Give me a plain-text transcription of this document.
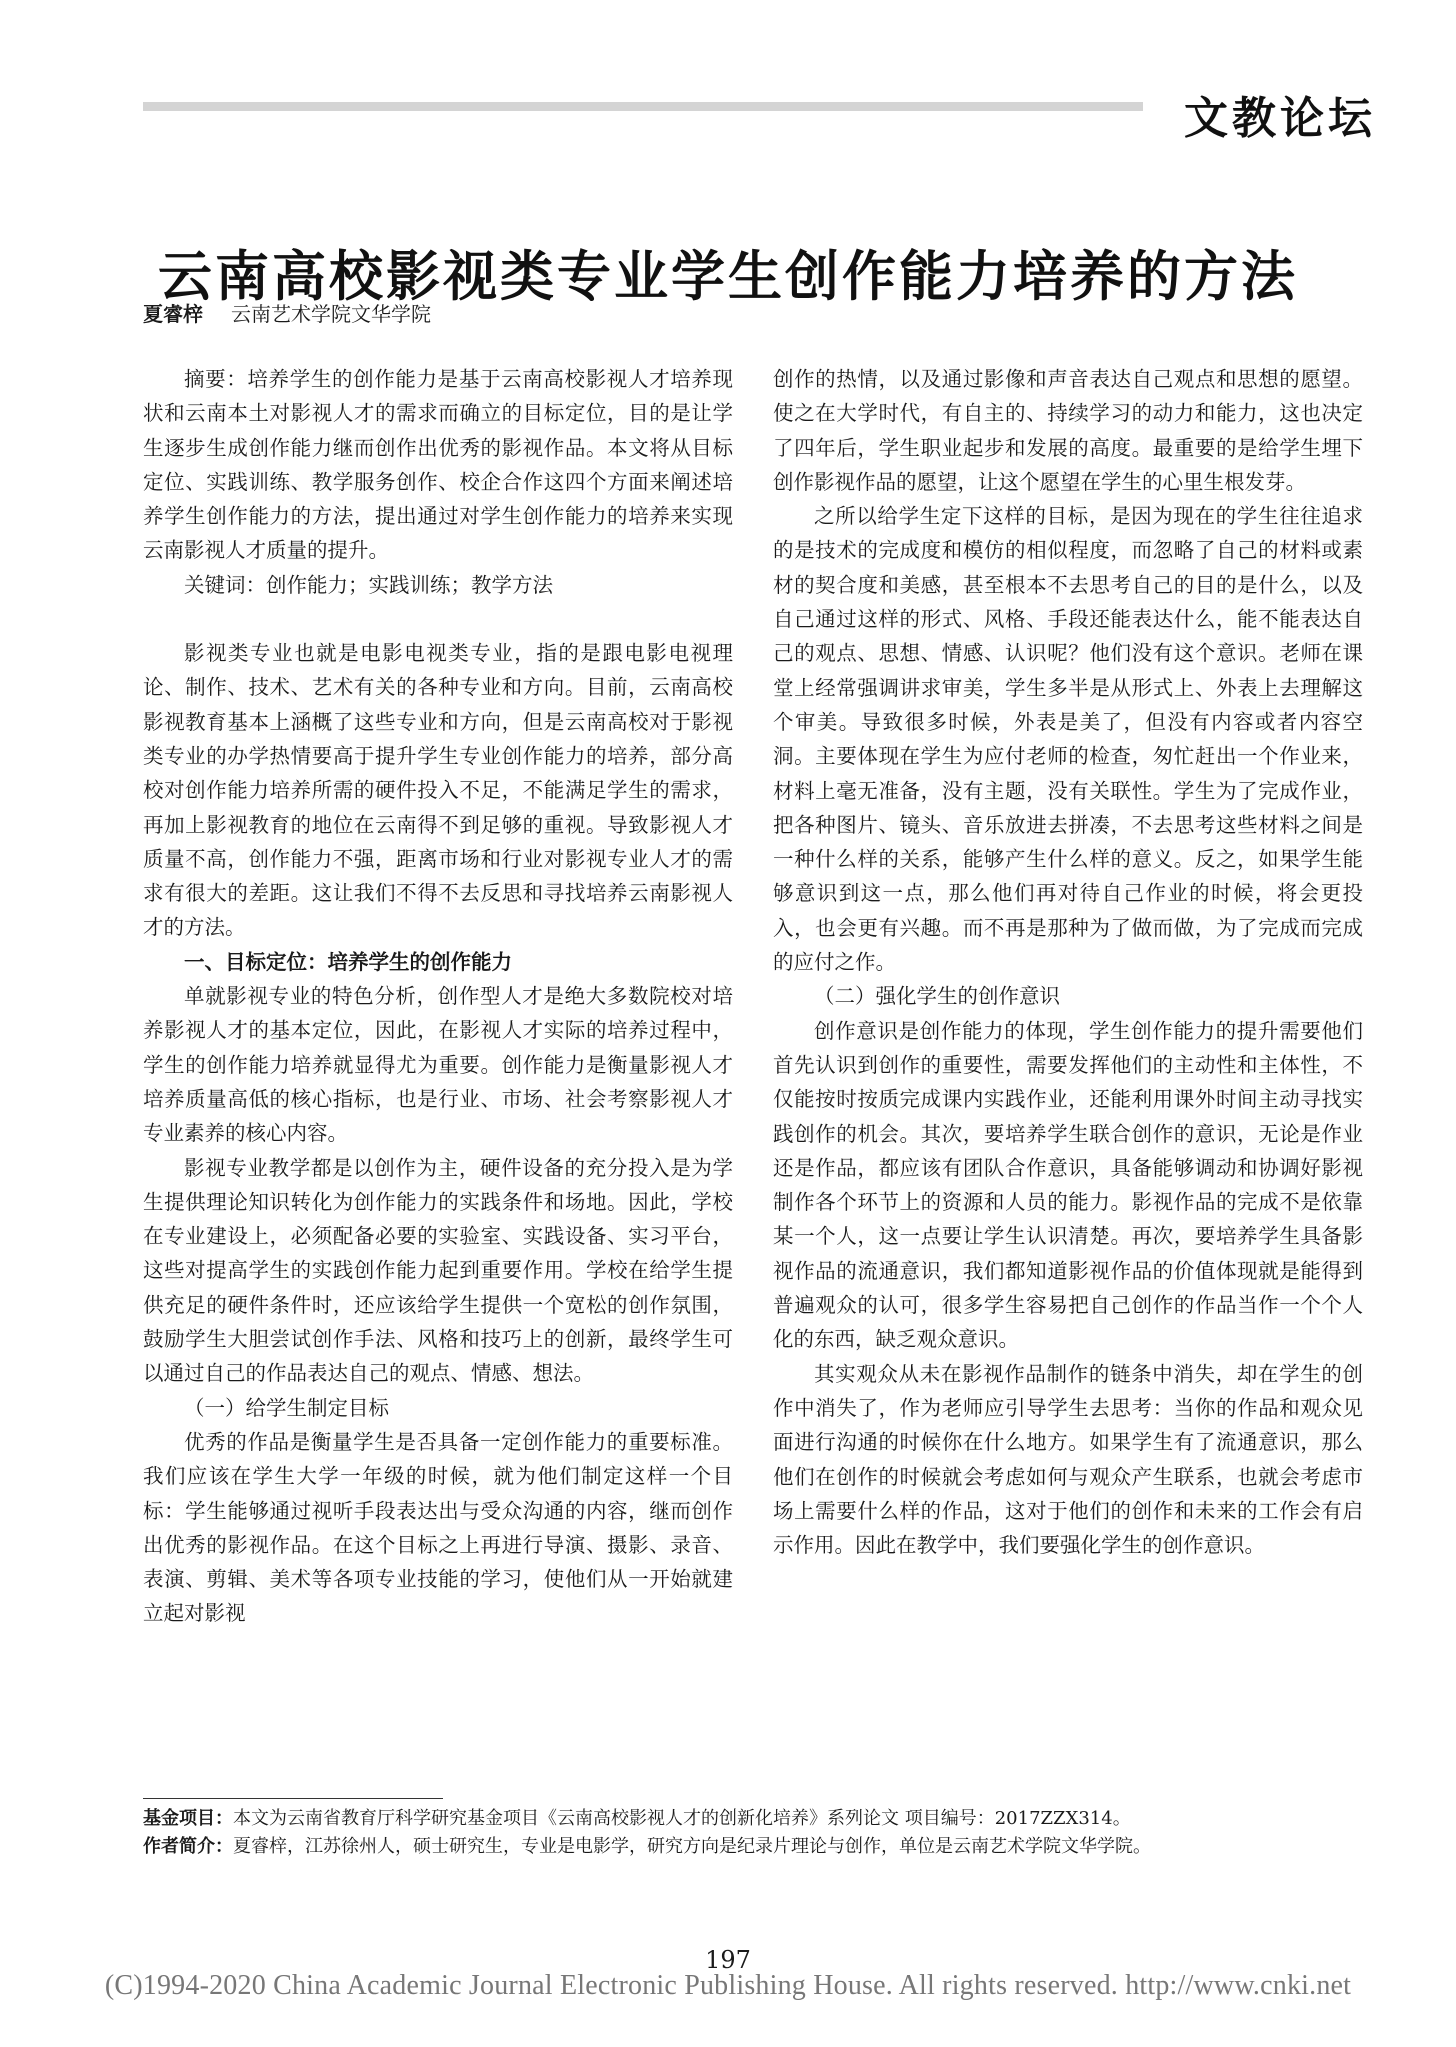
文教论坛
云南高校影视类专业学生创作能力培养的方法
夏睿梓 云南艺术学院文华学院

摘要：培养学生的创作能力是基于云南高校影视人才培养现状和云南本土对影视人才的需求而确立的目标定位，目的是让学生逐步生成创作能力继而创作出优秀的影视作品。本文将从目标定位、实践训练、教学服务创作、校企合作这四个方面来阐述培养学生创作能力的方法，提出通过对学生创作能力的培养来实现云南影视人才质量的提升。

关键词：创作能力；实践训练；教学方法

影视类专业也就是电影电视类专业，指的是跟电影电视理论、制作、技术、艺术有关的各种专业和方向。目前，云南高校影视教育基本上涵概了这些专业和方向，但是云南高校对于影视类专业的办学热情要高于提升学生专业创作能力的培养，部分高校对创作能力培养所需的硬件投入不足，不能满足学生的需求，再加上影视教育的地位在云南得不到足够的重视。导致影视人才质量不高，创作能力不强，距离市场和行业对影视专业人才的需求有很大的差距。这让我们不得不去反思和寻找培养云南影视人才的方法。

一、目标定位：培养学生的创作能力

单就影视专业的特色分析，创作型人才是绝大多数院校对培养影视人才的基本定位，因此，在影视人才实际的培养过程中，学生的创作能力培养就显得尤为重要。创作能力是衡量影视人才培养质量高低的核心指标，也是行业、市场、社会考察影视人才专业素养的核心内容。

影视专业教学都是以创作为主，硬件设备的充分投入是为学生提供理论知识转化为创作能力的实践条件和场地。因此，学校在专业建设上，必须配备必要的实验室、实践设备、实习平台，这些对提高学生的实践创作能力起到重要作用。学校在给学生提供充足的硬件条件时，还应该给学生提供一个宽松的创作氛围，鼓励学生大胆尝试创作手法、风格和技巧上的创新，最终学生可以通过自己的作品表达自己的观点、情感、想法。

（一）给学生制定目标

优秀的作品是衡量学生是否具备一定创作能力的重要标准。我们应该在学生大学一年级的时候，就为他们制定这样一个目标：学生能够通过视听手段表达出与受众沟通的内容，继而创作出优秀的影视作品。在这个目标之上再进行导演、摄影、录音、表演、剪辑、美术等各项专业技能的学习，使他们从一开始就建立起对影视

创作的热情，以及通过影像和声音表达自己观点和思想的愿望。使之在大学时代，有自主的、持续学习的动力和能力，这也决定了四年后，学生职业起步和发展的高度。最重要的是给学生埋下创作影视作品的愿望，让这个愿望在学生的心里生根发芽。

之所以给学生定下这样的目标，是因为现在的学生往往追求的是技术的完成度和模仿的相似程度，而忽略了自己的材料或素材的契合度和美感，甚至根本不去思考自己的目的是什么，以及自己通过这样的形式、风格、手段还能表达什么，能不能表达自己的观点、思想、情感、认识呢？他们没有这个意识。老师在课堂上经常强调讲求审美，学生多半是从形式上、外表上去理解这个审美。导致很多时候，外表是美了，但没有内容或者内容空洞。主要体现在学生为应付老师的检查，匆忙赶出一个作业来，材料上毫无准备，没有主题，没有关联性。学生为了完成作业，把各种图片、镜头、音乐放进去拼凑，不去思考这些材料之间是一种什么样的关系，能够产生什么样的意义。反之，如果学生能够意识到这一点，那么他们再对待自己作业的时候，将会更投入，也会更有兴趣。而不再是那种为了做而做，为了完成而完成的应付之作。

（二）强化学生的创作意识

创作意识是创作能力的体现，学生创作能力的提升需要他们首先认识到创作的重要性，需要发挥他们的主动性和主体性，不仅能按时按质完成课内实践作业，还能利用课外时间主动寻找实践创作的机会。其次，要培养学生联合创作的意识，无论是作业还是作品，都应该有团队合作意识，具备能够调动和协调好影视制作各个环节上的资源和人员的能力。影视作品的完成不是依靠某一个人，这一点要让学生认识清楚。再次，要培养学生具备影视作品的流通意识，我们都知道影视作品的价值体现就是能得到普遍观众的认可，很多学生容易把自己创作的作品当作一个个人化的东西，缺乏观众意识。

其实观众从未在影视作品制作的链条中消失，却在学生的创作中消失了，作为老师应引导学生去思考：当你的作品和观众见面进行沟通的时候你在什么地方。如果学生有了流通意识，那么他们在创作的时候就会考虑如何与观众产生联系，也就会考虑市场上需要什么样的作品，这对于他们的创作和未来的工作会有启示作用。因此在教学中，我们要强化学生的创作意识。

基金项目：本文为云南省教育厅科学研究基金项目《云南高校影视人才的创新化培养》系列论文 项目编号：2017ZZX314。
作者简介：夏睿梓，江苏徐州人，硕士研究生，专业是电影学，研究方向是纪录片理论与创作，单位是云南艺术学院文华学院。
197
(C)1994-2020 China Academic Journal Electronic Publishing House. All rights reserved. http://www.cnki.net
